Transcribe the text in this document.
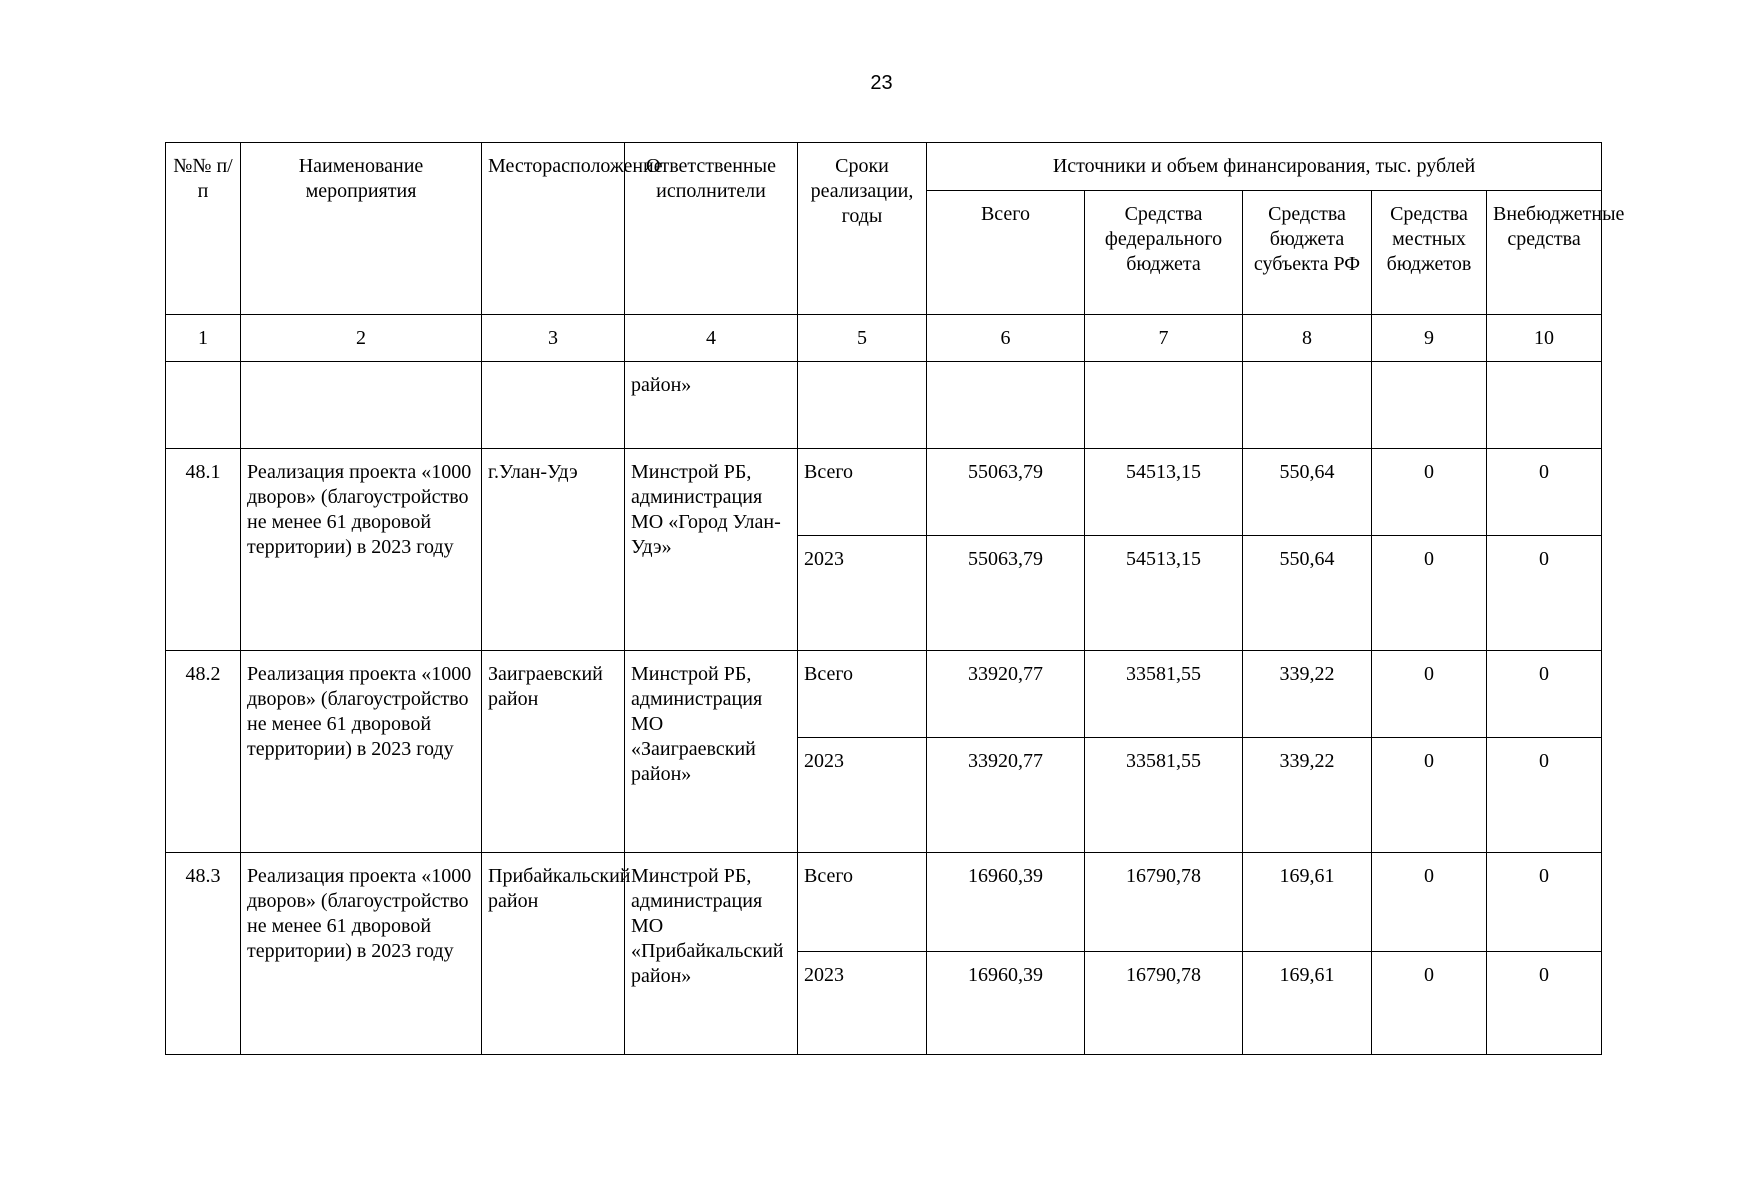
23
№№ п/п	Наименование мероприятия	Месторасположение	Ответственные исполнители	Сроки реализации, годы	Источники и объем финансирования, тыс. рублей				
					Всего	Средства федерального бюджета	Средства бюджета субъекта РФ	Средства местных бюджетов	Внебюджетные средства
1	2	3	4	5	6	7	8	9	10
			район»						
48.1	Реализация проекта «1000 дворов» (благоустройство не менее 61 дворовой территории) в 2023 году	г.Улан-Удэ	Минстрой РБ, администрация МО «Город Улан-Удэ»	Всего	55063,79	54513,15	550,64	0	0
				2023	55063,79	54513,15	550,64	0	0
48.2	Реализация проекта «1000 дворов» (благоустройство не менее 61 дворовой территории) в 2023 году	Заиграевский район	Минстрой РБ, администрация МО «Заиграевский район»	Всего	33920,77	33581,55	339,22	0	0
				2023	33920,77	33581,55	339,22	0	0
48.3	Реализация проекта «1000 дворов» (благоустройство не менее 61 дворовой территории) в 2023 году	Прибайкальский район	Минстрой РБ, администрация МО «Прибайкальский район»	Всего	16960,39	16790,78	169,61	0	0
				2023	16960,39	16790,78	169,61	0	0
